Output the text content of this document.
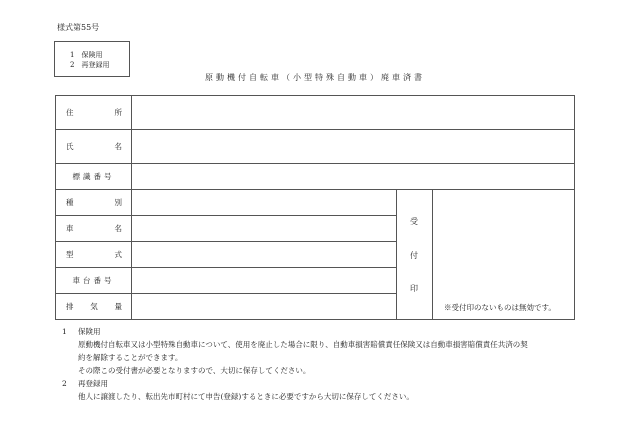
様式第55号
1　保険用
2　再登録用
原動機付自転車（小型特殊自動車）廃車済書
住	所
氏	名
標識番号
種	別
車	名
型	式
車台番号
排 気 量
受
付
印
※受付印のないものは無効です。
1	保険用
原動機付自転車又は小型特殊自動車について、使用を廃止した場合に限り、自動車損害賠償責任保険又は自動車損害賠償責任共済の契
約を解除することができます。
その際この受付書が必要となりますので、大切に保存してください。
2	再登録用
他人に譲渡したり、転出先市町村にて申告(登録)するときに必要ですから大切に保存してください。
